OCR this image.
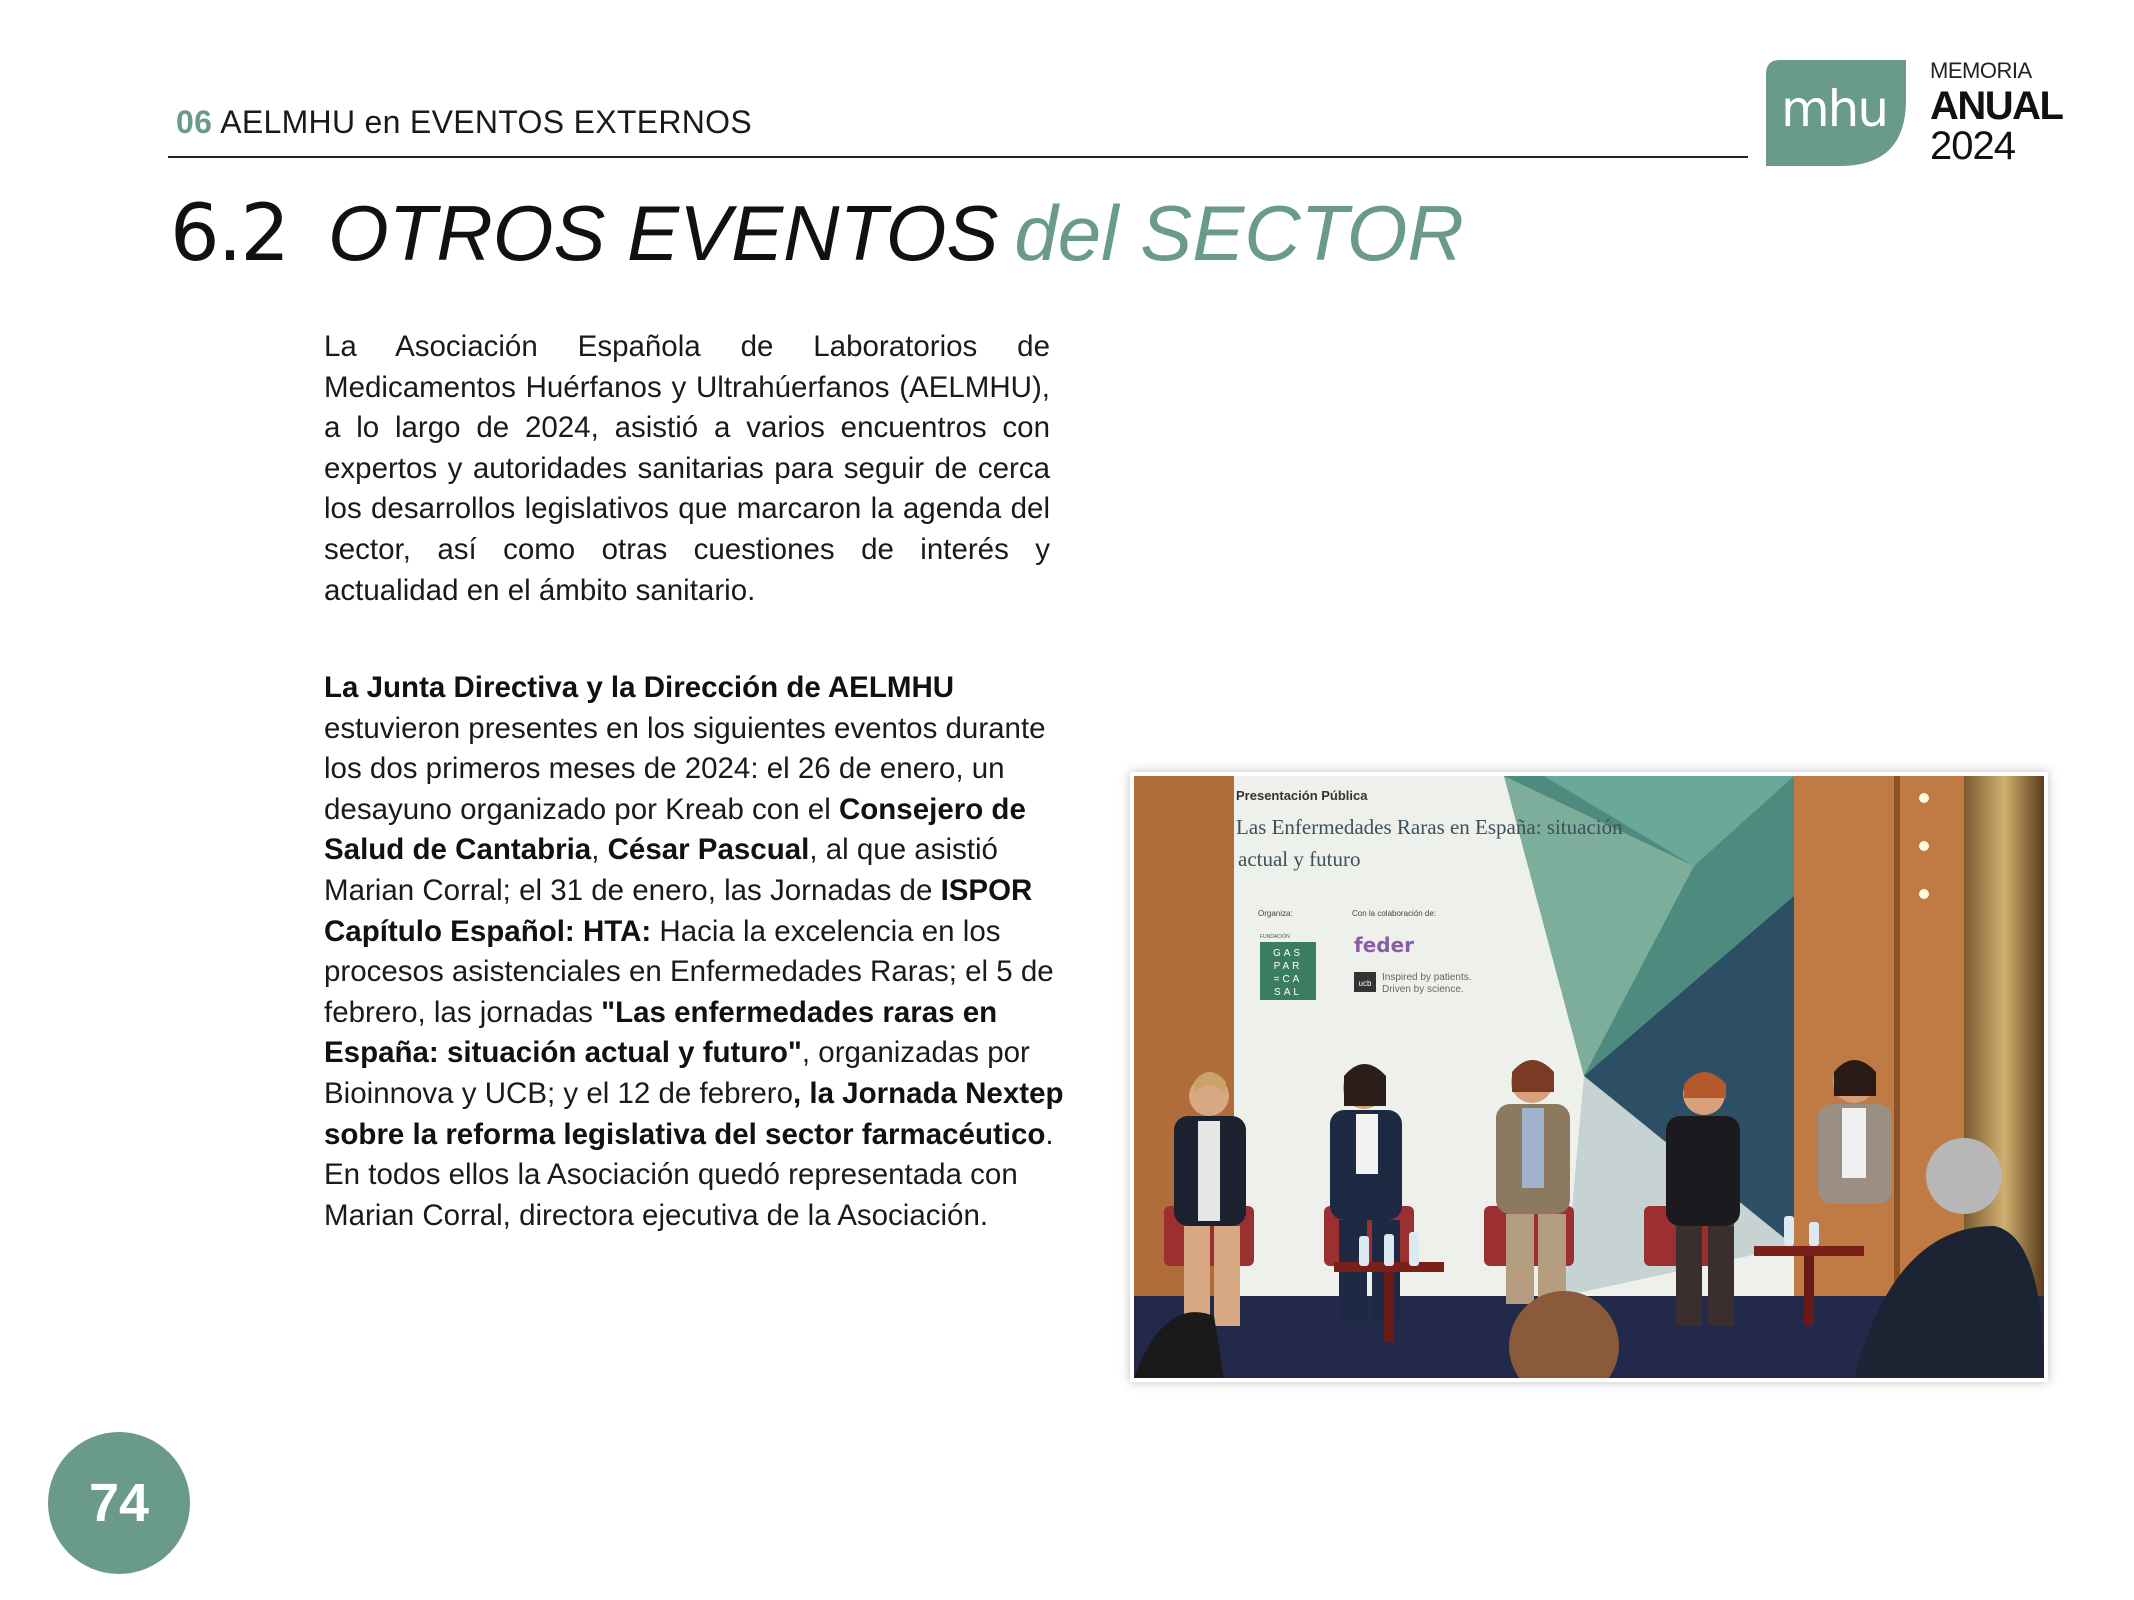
06 AELMHU en EVENTOS EXTERNOS	mhu
MEMORIA
ANUAL
2024
6.2 OTROS EVENTOS del SECTOR
La Asociación Española de Laboratorios de Medicamentos Huérfanos y Ultrahúerfanos (AELMHU), a lo largo de 2024, asistió a varios encuentros con expertos y autoridades sanitarias para seguir de cerca los desarrollos legislativos que marcaron la agenda del sector, así como otras cuestiones de interés y actualidad en el ámbito sanitario.
La Junta Directiva y la Dirección de AELMHU estuvieron presentes en los siguientes eventos durante los dos primeros meses de 2024: el 26 de enero, un desayuno organizado por Kreab con el Consejero de Salud de Cantabria, César Pascual, al que asistió Marian Corral; el 31 de enero, las Jornadas de ISPOR Capítulo Español: HTA: Hacia la excelencia en los procesos asistenciales en Enfermedades Raras; el 5 de febrero, las jornadas "Las enfermedades raras en España: situación actual y futuro", organizadas por Bioinnova y UCB; y el 12 de febrero, la Jornada Nextep sobre la reforma legislativa del sector farmacéutico. En todos ellos la Asociación quedó representada con Marian Corral, directora ejecutiva de la Asociación.
Presentación Pública
Las Enfermedades Raras en España: situación
actual y futuro
Organiza:	Con la colaboración de:
FUNDACIÓN
GAS
PAR
=CA
SAL
feder
ucb
Inspired by patients.
Driven by science.
74
